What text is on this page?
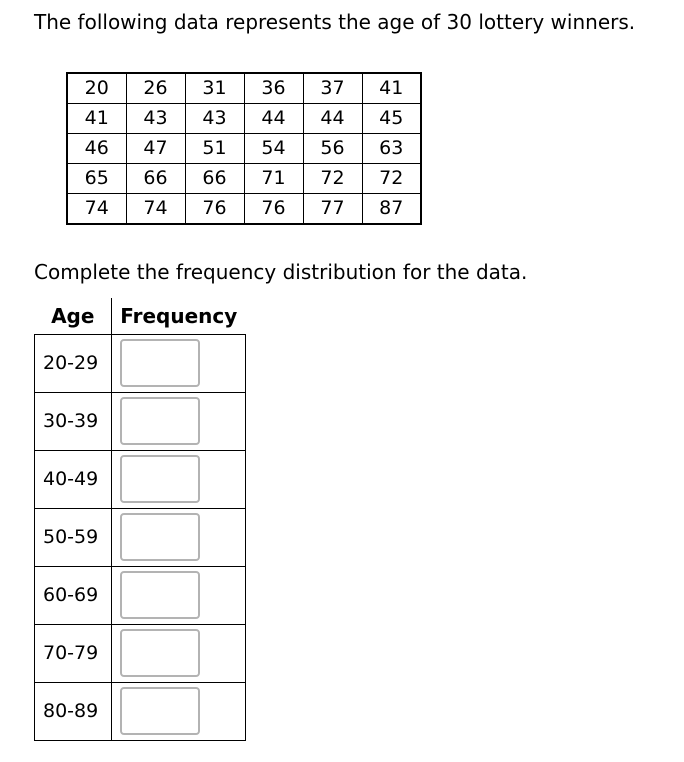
The following data represents the age of 30 lottery winners.
20	26	31	36	37	41
41	43	43	44	44	45
46	47	51	54	56	63
65	66	66	71	72	72
74	74	76	76	77	87
Complete the frequency distribution for the data.
Age	Frequency
20-29	

30-39	

40-49	

50-59	

60-69	

70-79	

80-89	
